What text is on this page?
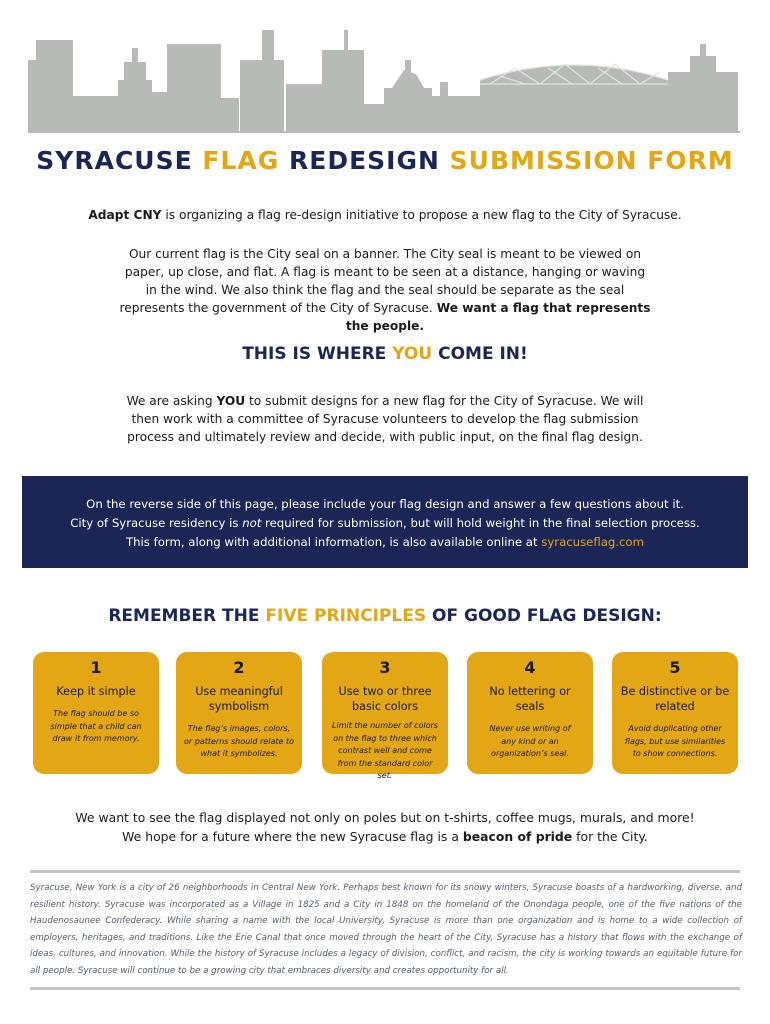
SYRACUSE FLAG REDESIGN SUBMISSION FORM
Adapt CNY is organizing a flag re-design initiative to propose a new flag to the City of Syracuse.
Our current flag is the City seal on a banner. The City seal is meant to be viewed on paper, up close, and flat. A flag is meant to be seen at a distance, hanging or waving in the wind. We also think the flag and the seal should be separate as the seal represents the government of the City of Syracuse. We want a flag that represents the people.
THIS IS WHERE YOU COME IN!
We are asking YOU to submit designs for a new flag for the City of Syracuse. We will then work with a committee of Syracuse volunteers to develop the flag submission process and ultimately review and decide, with public input, on the final flag design.
On the reverse side of this page, please include your flag design and answer a few questions about it.
City of Syracuse residency is not required for submission, but will hold weight in the final selection process.
This form, along with additional information, is also available online at syracuseflag.com
REMEMBER THE FIVE PRINCIPLES OF GOOD FLAG DESIGN:
1
Keep it simple
The flag should be so simple that a child can draw it from memory.
2
Use meaningful symbolism
The flag’s images, colors, or patterns should relate to what it symbolizes.
3
Use two or three basic colors
Limit the number of colors on the flag to three which contrast well and come from the standard color set.
4
No lettering or seals
Never use writing of any kind or an organization’s seal.
5
Be distinctive or be related
Avoid duplicating other flags, but use similarities to show connections.
We want to see the flag displayed not only on poles but on t-shirts, coffee mugs, murals, and more!
We hope for a future where the new Syracuse flag is a beacon of pride for the City.
Syracuse, New York is a city of 26 neighborhoods in Central New York. Perhaps best known for its snowy winters, Syracuse boasts of a hardworking, diverse, and resilient history. Syracuse was incorporated as a Village in 1825 and a City in 1848 on the homeland of the Onondaga people, one of the five nations of the Haudenosaunee Confederacy. While sharing a name with the local University, Syracuse is more than one organization and is home to a wide collection of employers, heritages, and traditions. Like the Erie Canal that once moved through the heart of the City, Syracuse has a history that flows with the exchange of ideas, cultures, and innovation. While the history of Syracuse includes a legacy of division, conflict, and racism, the city is working towards an equitable future for all people. Syracuse will continue to be a growing city that embraces diversity and creates opportunity for all.
